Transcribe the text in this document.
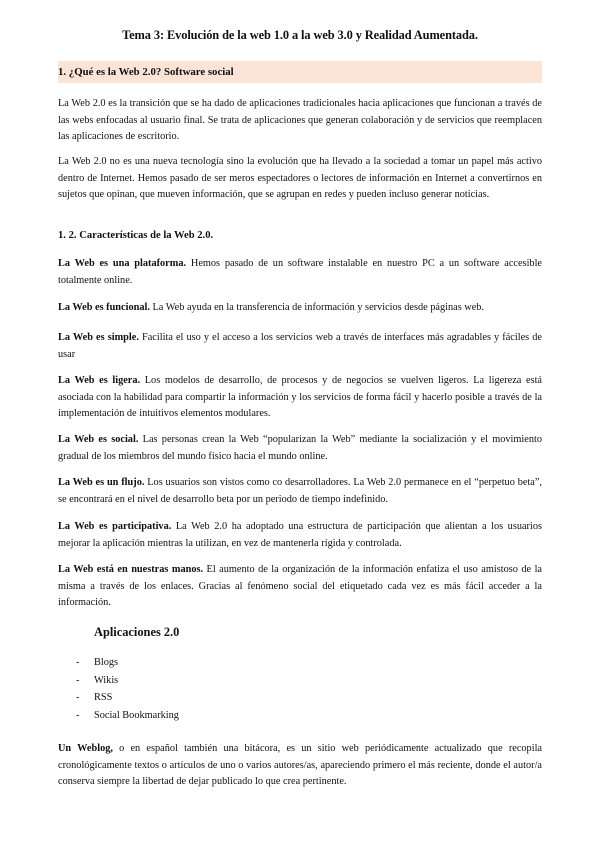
Tema 3: Evolución de la web 1.0 a la web 3.0 y Realidad Aumentada.
1. ¿Qué es la Web 2.0? Software social

La Web 2.0 es la transición que se ha dado de aplicaciones tradicionales hacia aplicaciones que funcionan a través de las webs enfocadas al usuario final. Se trata de aplicaciones que generan colaboración y de servicios que reemplacen las aplicaciones de escritorio.

La Web 2.0 no es una nueva tecnología sino la evolución que ha llevado a la sociedad a tomar un papel más activo dentro de Internet. Hemos pasado de ser meros espectadores o lectores de información en Internet a convertirnos en sujetos que opinan, que mueven información, que se agrupan en redes y pueden incluso generar noticias.

1. 2. Características de la Web 2.0.

La Web es una plataforma. Hemos pasado de un software instalable en nuestro PC a un software accesible totalmente online.

La Web es funcional. La Web ayuda en la transferencia de información y servicios desde páginas web.

La Web es simple. Facilita el uso y el acceso a los servicios web a través de interfaces más agradables y fáciles de usar

La Web es ligera. Los modelos de desarrollo, de procesos y de negocios se vuelven ligeros. La ligereza está asociada con la habilidad para compartir la información y los servicios de forma fácil y hacerlo posible a través de la implementación de intuitivos elementos modulares.

La Web es social. Las personas crean la Web “popularizan la Web” mediante la socialización y el movimiento gradual de los miembros del mundo físico hacia el mundo online.

La Web es un flujo. Los usuarios son vistos como co desarrolladores. La Web 2.0 permanece en el “perpetuo beta”, se encontrará en el nivel de desarrollo beta por un periodo de tiempo indefinido.

La Web es participativa. La Web 2.0 ha adoptado una estructura de participación que alientan a los usuarios mejorar la aplicación mientras la utilizan, en vez de mantenerla rígida y controlada.

La Web está en nuestras manos. El aumento de la organización de la información enfatiza el uso amistoso de la misma a través de los enlaces. Gracias al fenómeno social del etiquetado cada vez es más fácil acceder a la información.

Aplicaciones 2.0
- Blogs
- Wikis
- RSS
- Social Bookmarking

Un Weblog, o en español también una bitácora, es un sitio web periódicamente actualizado que recopila cronológicamente textos o artículos de uno o varios autores/as, apareciendo primero el más reciente, donde el autor/a conserva siempre la libertad de dejar publicado lo que crea pertinente.
